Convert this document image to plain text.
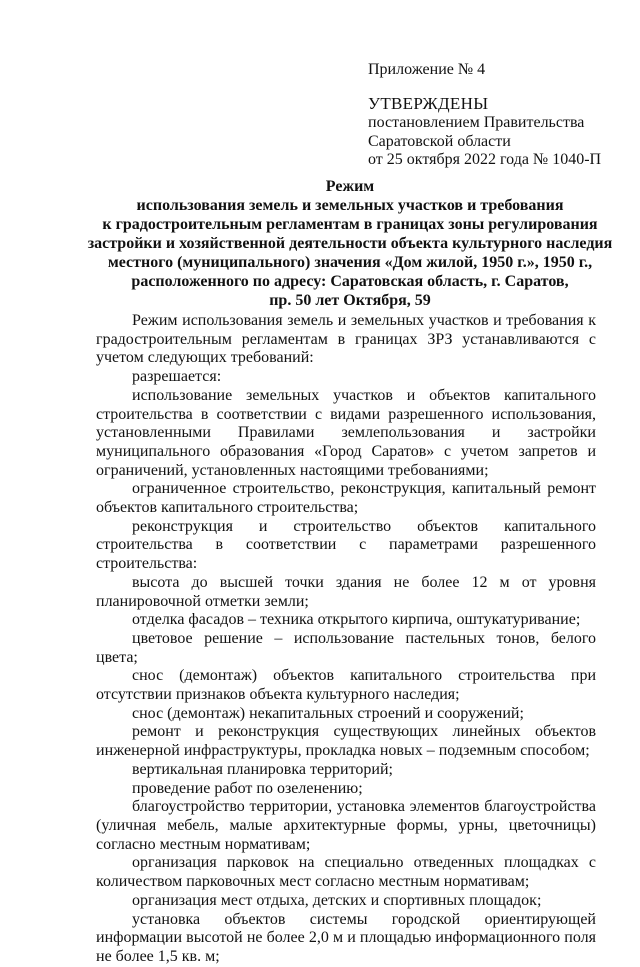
Приложение № 4
УТВЕРЖДЕНЫ
постановлением Правительства
Саратовской области
от 25 октября 2022 года № 1040-П
Режим
использования земель и земельных участков и требования
к градостроительным регламентам в границах зоны регулирования
застройки и хозяйственной деятельности объекта культурного наследия
местного (муниципального) значения «Дом жилой, 1950 г.», 1950 г.,
расположенного по адресу: Саратовская область, г. Саратов,
пр. 50 лет Октября, 59

Режим использования земель и земельных участков и требования к градостроительным регламентам в границах ЗРЗ устанавливаются с учетом следующих требований:

разрешается:

использование земельных участков и объектов капитального строительства в соответствии с видами разрешенного использования, установленными Правилами землепользования и застройки муниципального образования «Город Саратов» с учетом запретов и ограничений, установленных настоящими требованиями;

ограниченное строительство, реконструкция, капитальный ремонт объектов капитального строительства;

реконструкция и строительство объектов капитального строительства в соответствии с параметрами разрешенного строительства:

высота до высшей точки здания не более 12 м от уровня планировочной отметки земли;

отделка фасадов – техника открытого кирпича, оштукатуривание;

цветовое решение – использование пастельных тонов, белого цвета;

снос (демонтаж) объектов капитального строительства при отсутствии признаков объекта культурного наследия;

снос (демонтаж) некапитальных строений и сооружений;

ремонт и реконструкция существующих линейных объектов инженерной инфраструктуры, прокладка новых – подземным способом;

вертикальная планировка территорий;

проведение работ по озеленению;

благоустройство территории, установка элементов благоустройства (уличная мебель, малые архитектурные формы, урны, цветочницы) согласно местным нормативам;

организация парковок на специально отведенных площадках с количеством парковочных мест согласно местным нормативам;

организация мест отдыха, детских и спортивных площадок;

установка объектов системы городской ориентирующей информации высотой не более 2,0 м и площадью информационного поля не более 1,5 кв. м;
